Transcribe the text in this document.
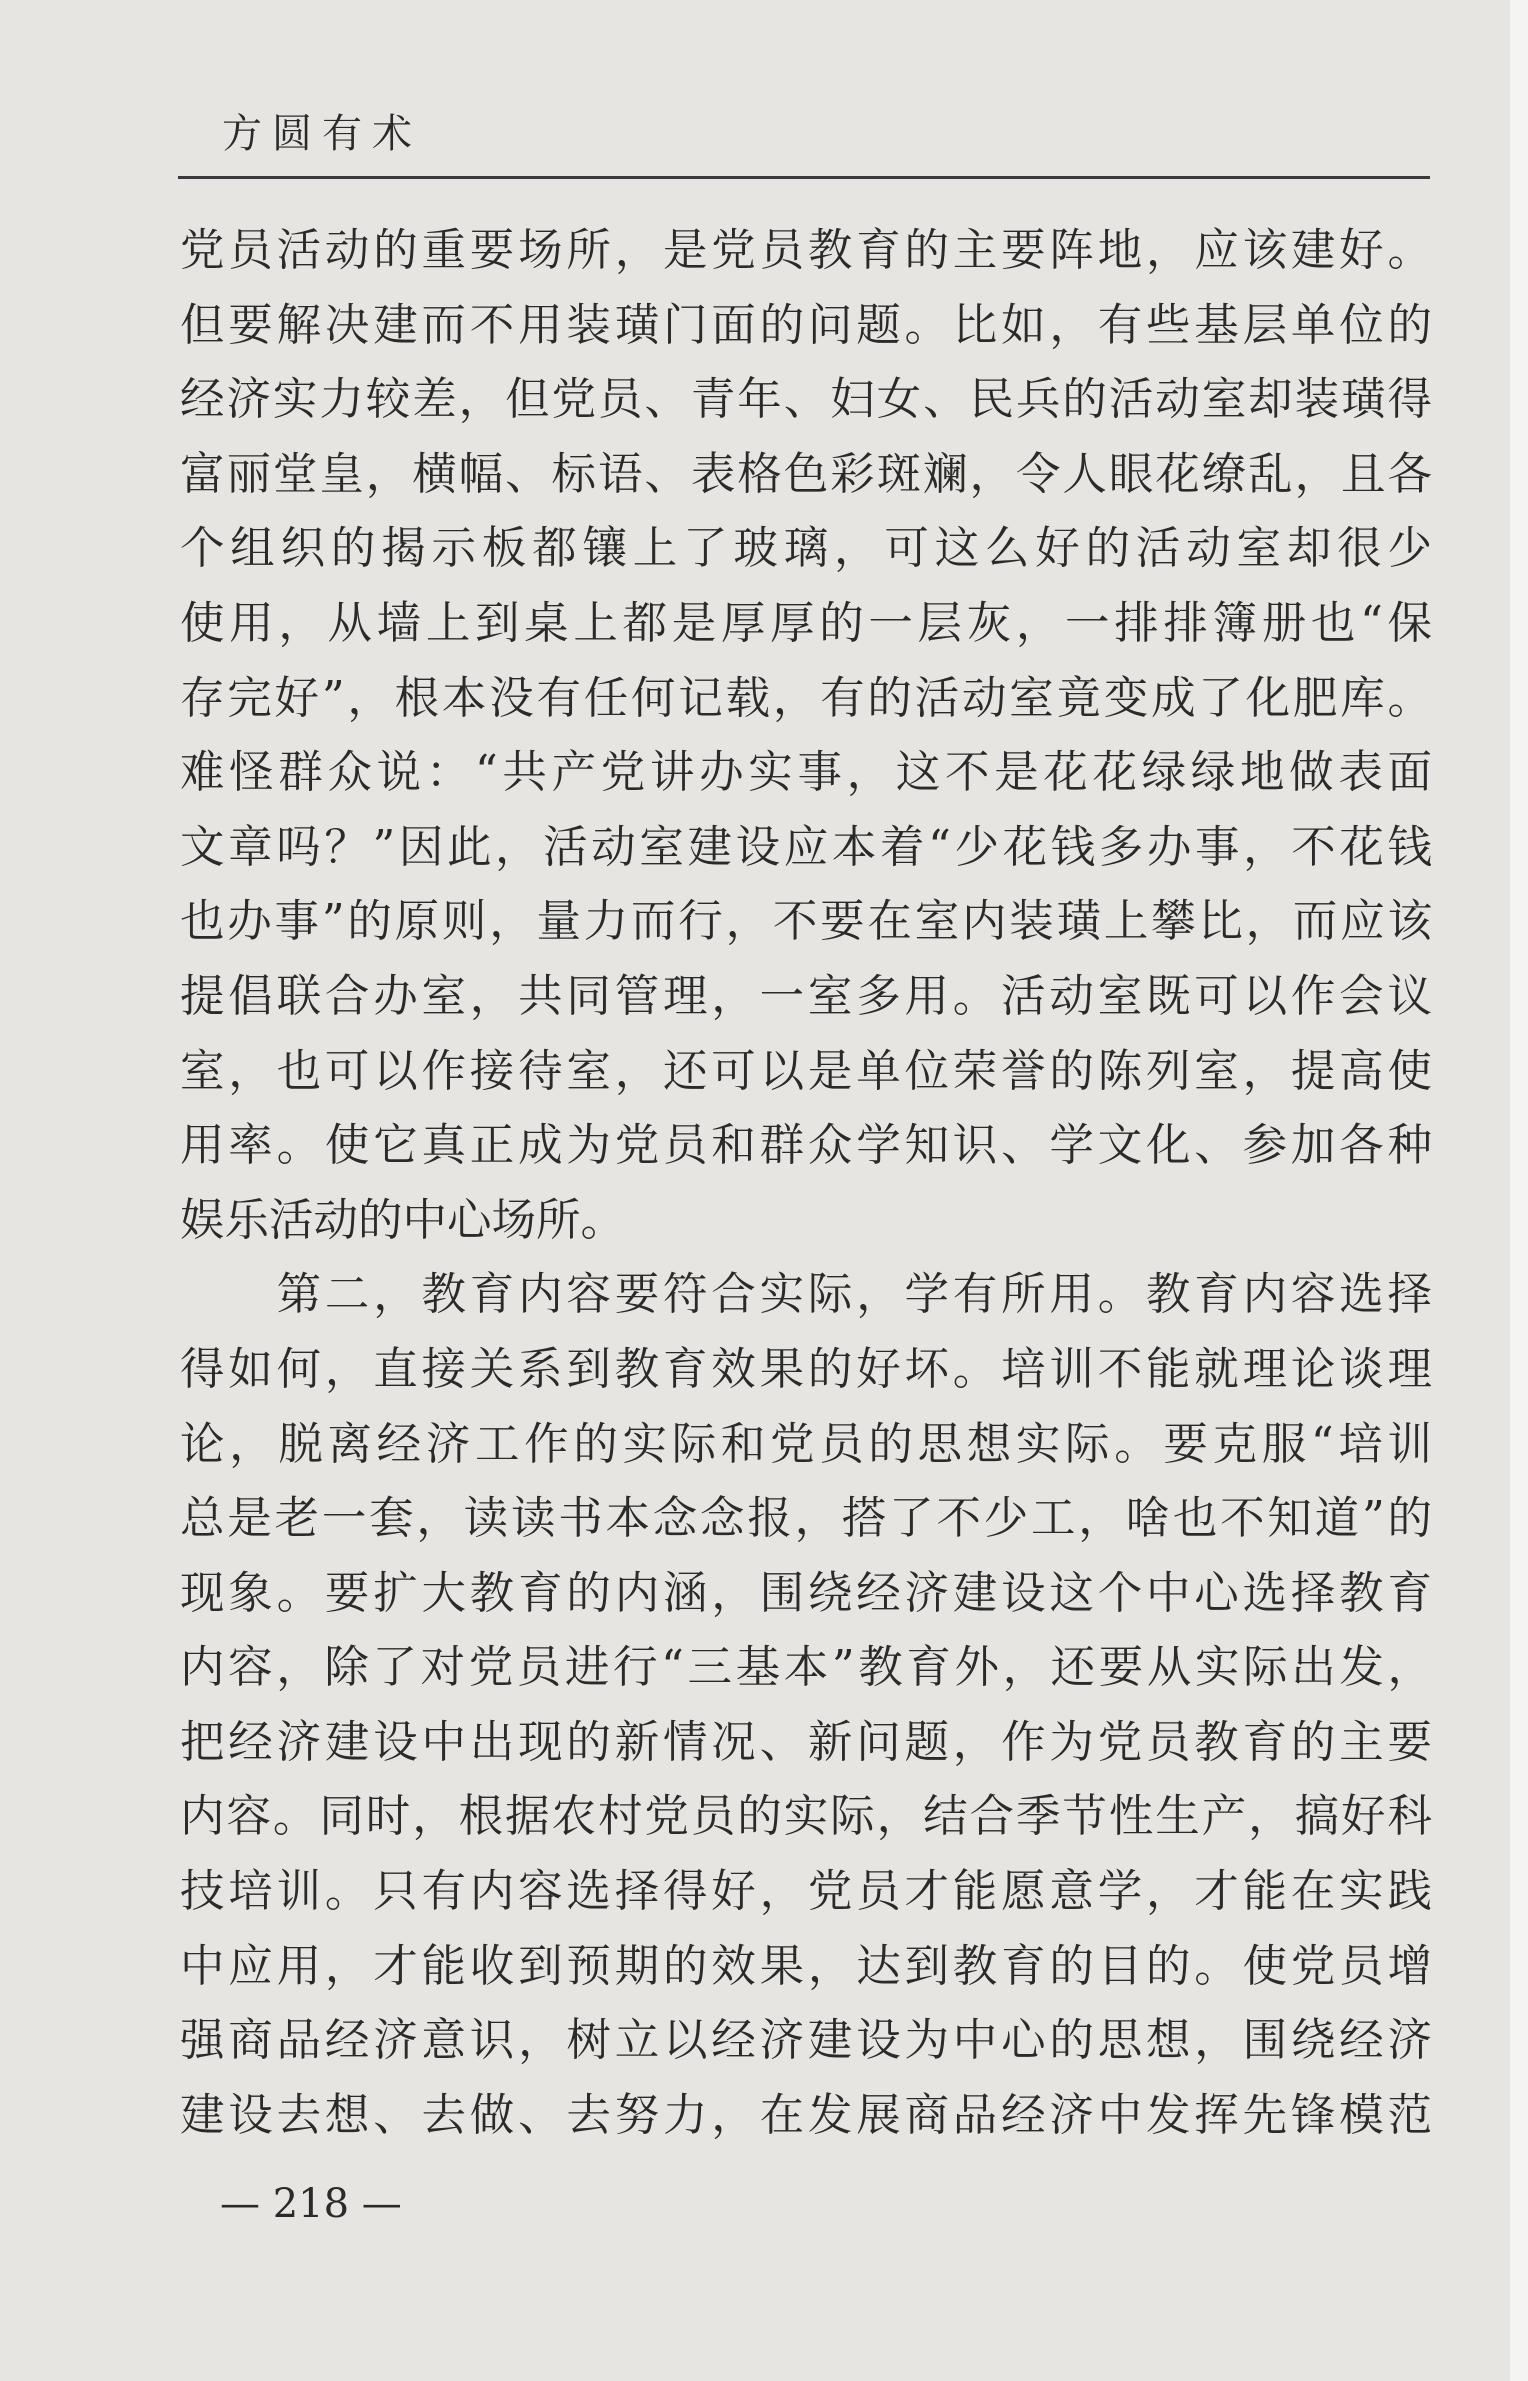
方圆有术
党员活动的重要场所，是党员教育的主要阵地，应该建好。
但要解决建而不用装璜门面的问题。比如，有些基层单位的
经济实力较差，但党员、青年、妇女、民兵的活动室却装璜得
富丽堂皇，横幅、标语、表格色彩斑斓，令人眼花缭乱，且各
个组织的揭示板都镶上了玻璃，可这么好的活动室却很少
使用，从墙上到桌上都是厚厚的一层灰，一排排簿册也“保
存完好”，根本没有任何记载，有的活动室竟变成了化肥库。
难怪群众说：“共产党讲办实事，这不是花花绿绿地做表面
文章吗？”因此，活动室建设应本着“少花钱多办事，不花钱
也办事”的原则，量力而行，不要在室内装璜上攀比，而应该
提倡联合办室，共同管理，一室多用。活动室既可以作会议
室，也可以作接待室，还可以是单位荣誉的陈列室，提高使
用率。使它真正成为党员和群众学知识、学文化、参加各种
娱乐活动的中心场所。
　　第二，教育内容要符合实际，学有所用。教育内容选择
得如何，直接关系到教育效果的好坏。培训不能就理论谈理
论，脱离经济工作的实际和党员的思想实际。要克服“培训
总是老一套，读读书本念念报，搭了不少工，啥也不知道”的
现象。要扩大教育的内涵，围绕经济建设这个中心选择教育
内容，除了对党员进行“三基本”教育外，还要从实际出发，
把经济建设中出现的新情况、新问题，作为党员教育的主要
内容。同时，根据农村党员的实际，结合季节性生产，搞好科
技培训。只有内容选择得好，党员才能愿意学，才能在实践
中应用，才能收到预期的效果，达到教育的目的。使党员增
强商品经济意识，树立以经济建设为中心的思想，围绕经济
建设去想、去做、去努力，在发展商品经济中发挥先锋模范
— 218 —
